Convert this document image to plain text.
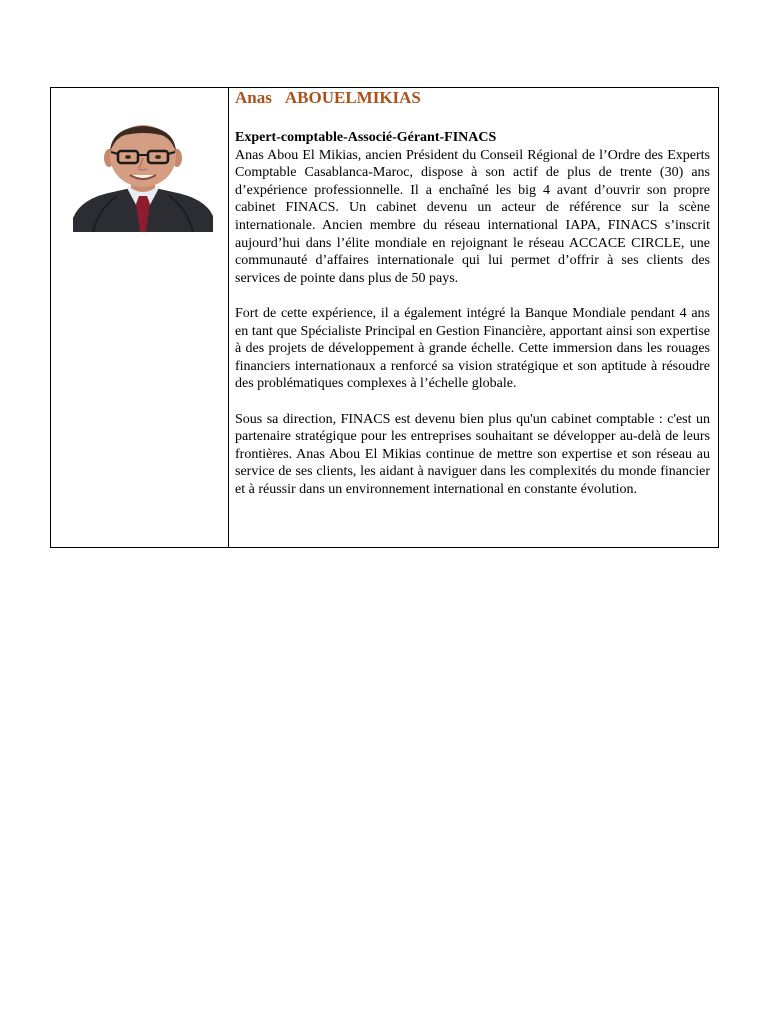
Anas ABOUELMIKIAS

Expert-comptable-Associé-Gérant-FINACS

Anas Abou El Mikias, ancien Président du Conseil Régional de l’Ordre des Experts Comptable Casablanca-Maroc, dispose à son actif de plus de trente (30) ans d’expérience professionnelle. Il a enchaîné les big 4 avant d’ouvrir son propre cabinet FINACS. Un cabinet devenu un acteur de référence sur la scène internationale. Ancien membre du réseau international IAPA, FINACS s’inscrit aujourd’hui dans l’élite mondiale en rejoignant le réseau ACCACE CIRCLE, une communauté d’affaires internationale qui lui permet d’offrir à ses clients des services de pointe dans plus de 50 pays.

Fort de cette expérience, il a également intégré la Banque Mondiale pendant 4 ans en tant que Spécialiste Principal en Gestion Financière, apportant ainsi son expertise à des projets de développement à grande échelle. Cette immersion dans les rouages financiers internationaux a renforcé sa vision stratégique et son aptitude à résoudre des problématiques complexes à l’échelle globale.

Sous sa direction, FINACS est devenu bien plus qu'un cabinet comptable : c'est un partenaire stratégique pour les entreprises souhaitant se développer au-delà de leurs frontières. Anas Abou El Mikias continue de mettre son expertise et son réseau au service de ses clients, les aidant à naviguer dans les complexités du monde financier et à réussir dans un environnement international en constante évolution.
